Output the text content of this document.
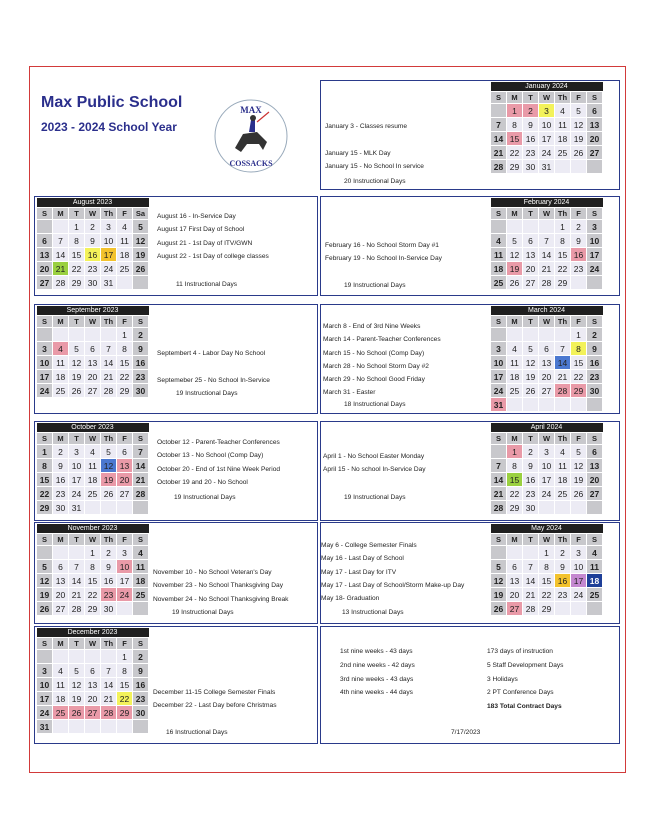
Max Public School
2023 - 2024 School Year
MAX
COSSACKS
August 2023						
S	M	T	W	Th	F	Sa
		1	2	3	4	5
6	7	8	9	10	11	12
13	14	15	16	17	18	19
20	21	22	23	24	25	26
27	28	29	30	31		
September 2023						
S	M	T	W	Th	F	S
					1	2
3	4	5	6	7	8	9
10	11	12	13	14	15	16
17	18	19	20	21	22	23
24	25	26	27	28	29	30
October 2023						
S	M	T	W	Th	F	S
1	2	3	4	5	6	7
8	9	10	11	12	13	14
15	16	17	18	19	20	21
22	23	24	25	26	27	28
29	30	31				
November 2023						
S	M	T	W	Th	F	S
			1	2	3	4
5	6	7	8	9	10	11
12	13	14	15	16	17	18
19	20	21	22	23	24	25
26	27	28	29	30		
December 2023						
S	M	T	W	Th	F	S
					1	2
3	4	5	6	7	8	9
10	11	12	13	14	15	16
17	18	19	20	21	22	23
24	25	26	27	28	29	30
31						
January 2024						
S	M	T	W	Th	F	S
	1	2	3	4	5	6
7	8	9	10	11	12	13
14	15	16	17	18	19	20
21	22	23	24	25	26	27
28	29	30	31			
February 2024						
S	M	T	W	Th	F	S
				1	2	3
4	5	6	7	8	9	10
11	12	13	14	15	16	17
18	19	20	21	22	23	24
25	26	27	28	29		
March 2024						
S	M	T	W	Th	F	S
					1	2
3	4	5	6	7	8	9
10	11	12	13	14	15	16
17	18	19	20	21	22	23
24	25	26	27	28	29	30
31						
April 2024						
S	M	T	W	Th	F	S
	1	2	3	4	5	6
7	8	9	10	11	12	13
14	15	16	17	18	19	20
21	22	23	24	25	26	27
28	29	30				
May 2024						
S	M	T	W	Th	F	S
			1	2	3	4
5	6	7	8	9	10	11
12	13	14	15	16	17	18
19	20	21	22	23	24	25
26	27	28	29			
August 16 - In-Service Day
August 17 First Day of School
August 21 - 1st Day of ITV/GWN
August 22 - 1st Day of college classes
11 Instructional Days
Septembert 4 - Labor Day No School
Septemeber 25 - No School In-Service
19 Instructional Days
October 12 - Parent-Teacher Conferences
October 13 - No School (Comp Day)
October 20 - End of 1st Nine Week Period
October 19 and 20 - No School
19 Instructional Days
November 10 - No School Veteran's Day
November 23 - No School Thanksgiving Day
November 24 - No School Thanksgiving Break
19 Instructional Days
December 11-15 College Semester Finals
December 22 - Last Day before Christmas
16 Instructional Days
January 3 - Classes resume
January 15 - MLK Day
January 15 - No School In service
20 Instructional Days
February 16 - No School Storm Day #1
February 19 - No School In-Service Day
19 Instructional Days
March 8 - End of 3rd Nine Weeks
March 14 - Parent-Teacher Conferences
March 15 - No School (Comp Day)
March 28 - No School Storm Day #2
March 29 - No School Good Friday
March 31 - Easter
18 Instructional Days
April 1 - No School Easter Monday
April 15 - No school In-Service Day
19 Instructional Days
May 6 - College Semester Finals
May 16 - Last Day of School
May 17 - Last Day for ITV
May 17 - Last Day of School/Storm Make-up Day
May 18- Graduation
13 Instructional Days
1st nine weeks - 43 days
2nd nine weeks - 42 days
3rd nine weeks - 43 days
4th nine weeks - 44 days
173 days of instruction
5 Staff Development Days
3 Holidays
2 PT Conference Days
183 Total Contract Days
7/17/2023
